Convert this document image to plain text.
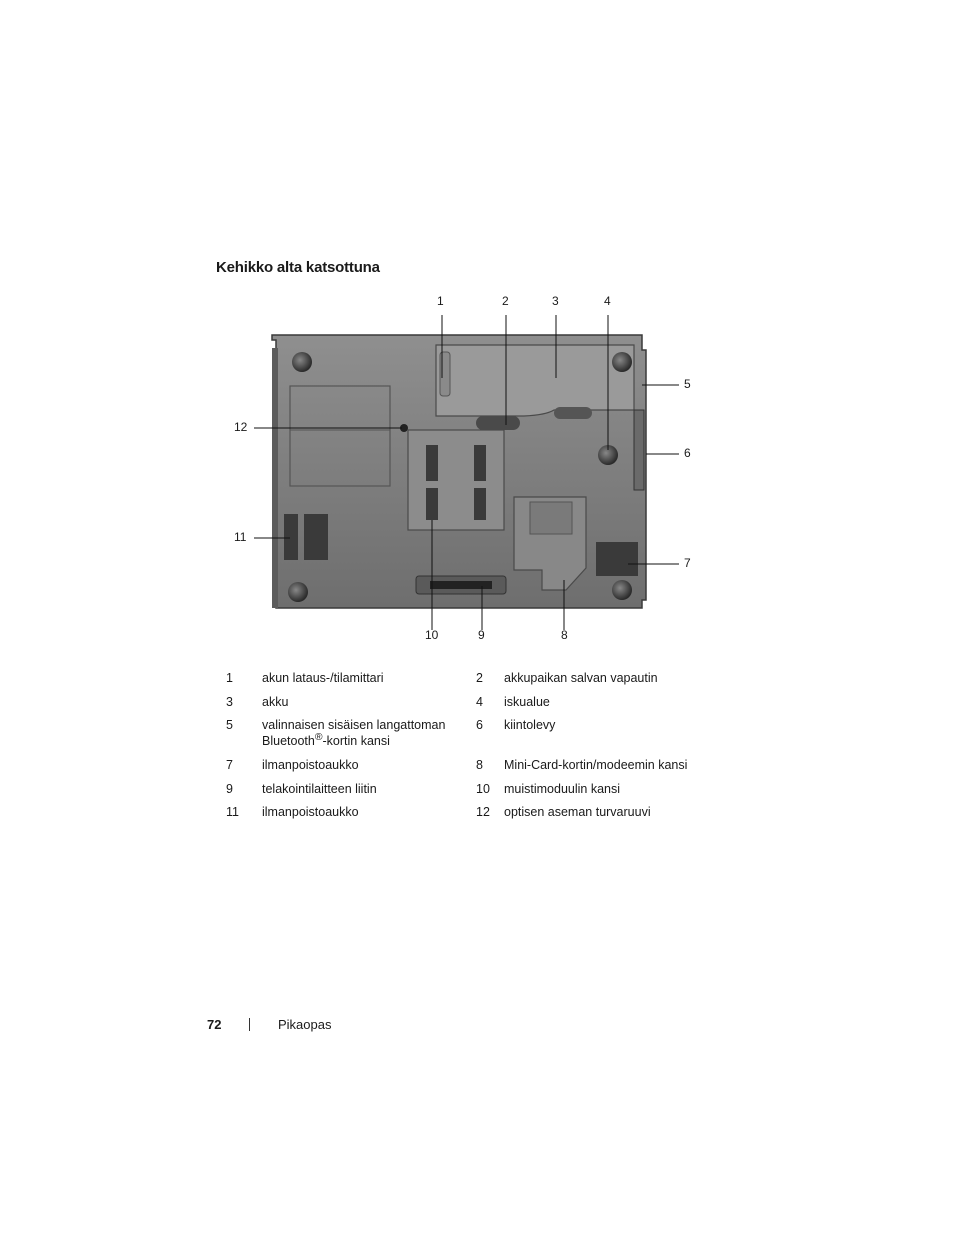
Kehikko alta katsottuna
1	2	3	4
5
6
7
8
9
10
11
12
1	akun lataus-/tilamittari	2	akkupaikan salvan vapautin
3	akku	4	iskualue
5	valinnaisen sisäisen langattoman
Bluetooth®-kortin kansi	6	kiintolevy
7	ilmanpoistoaukko	8	Mini-Card-kortin/modeemin kansi
9	telakointilaitteen liitin	10	muistimoduulin kansi
11	ilmanpoistoaukko	12	optisen aseman turvaruuvi
72	Pikaopas
